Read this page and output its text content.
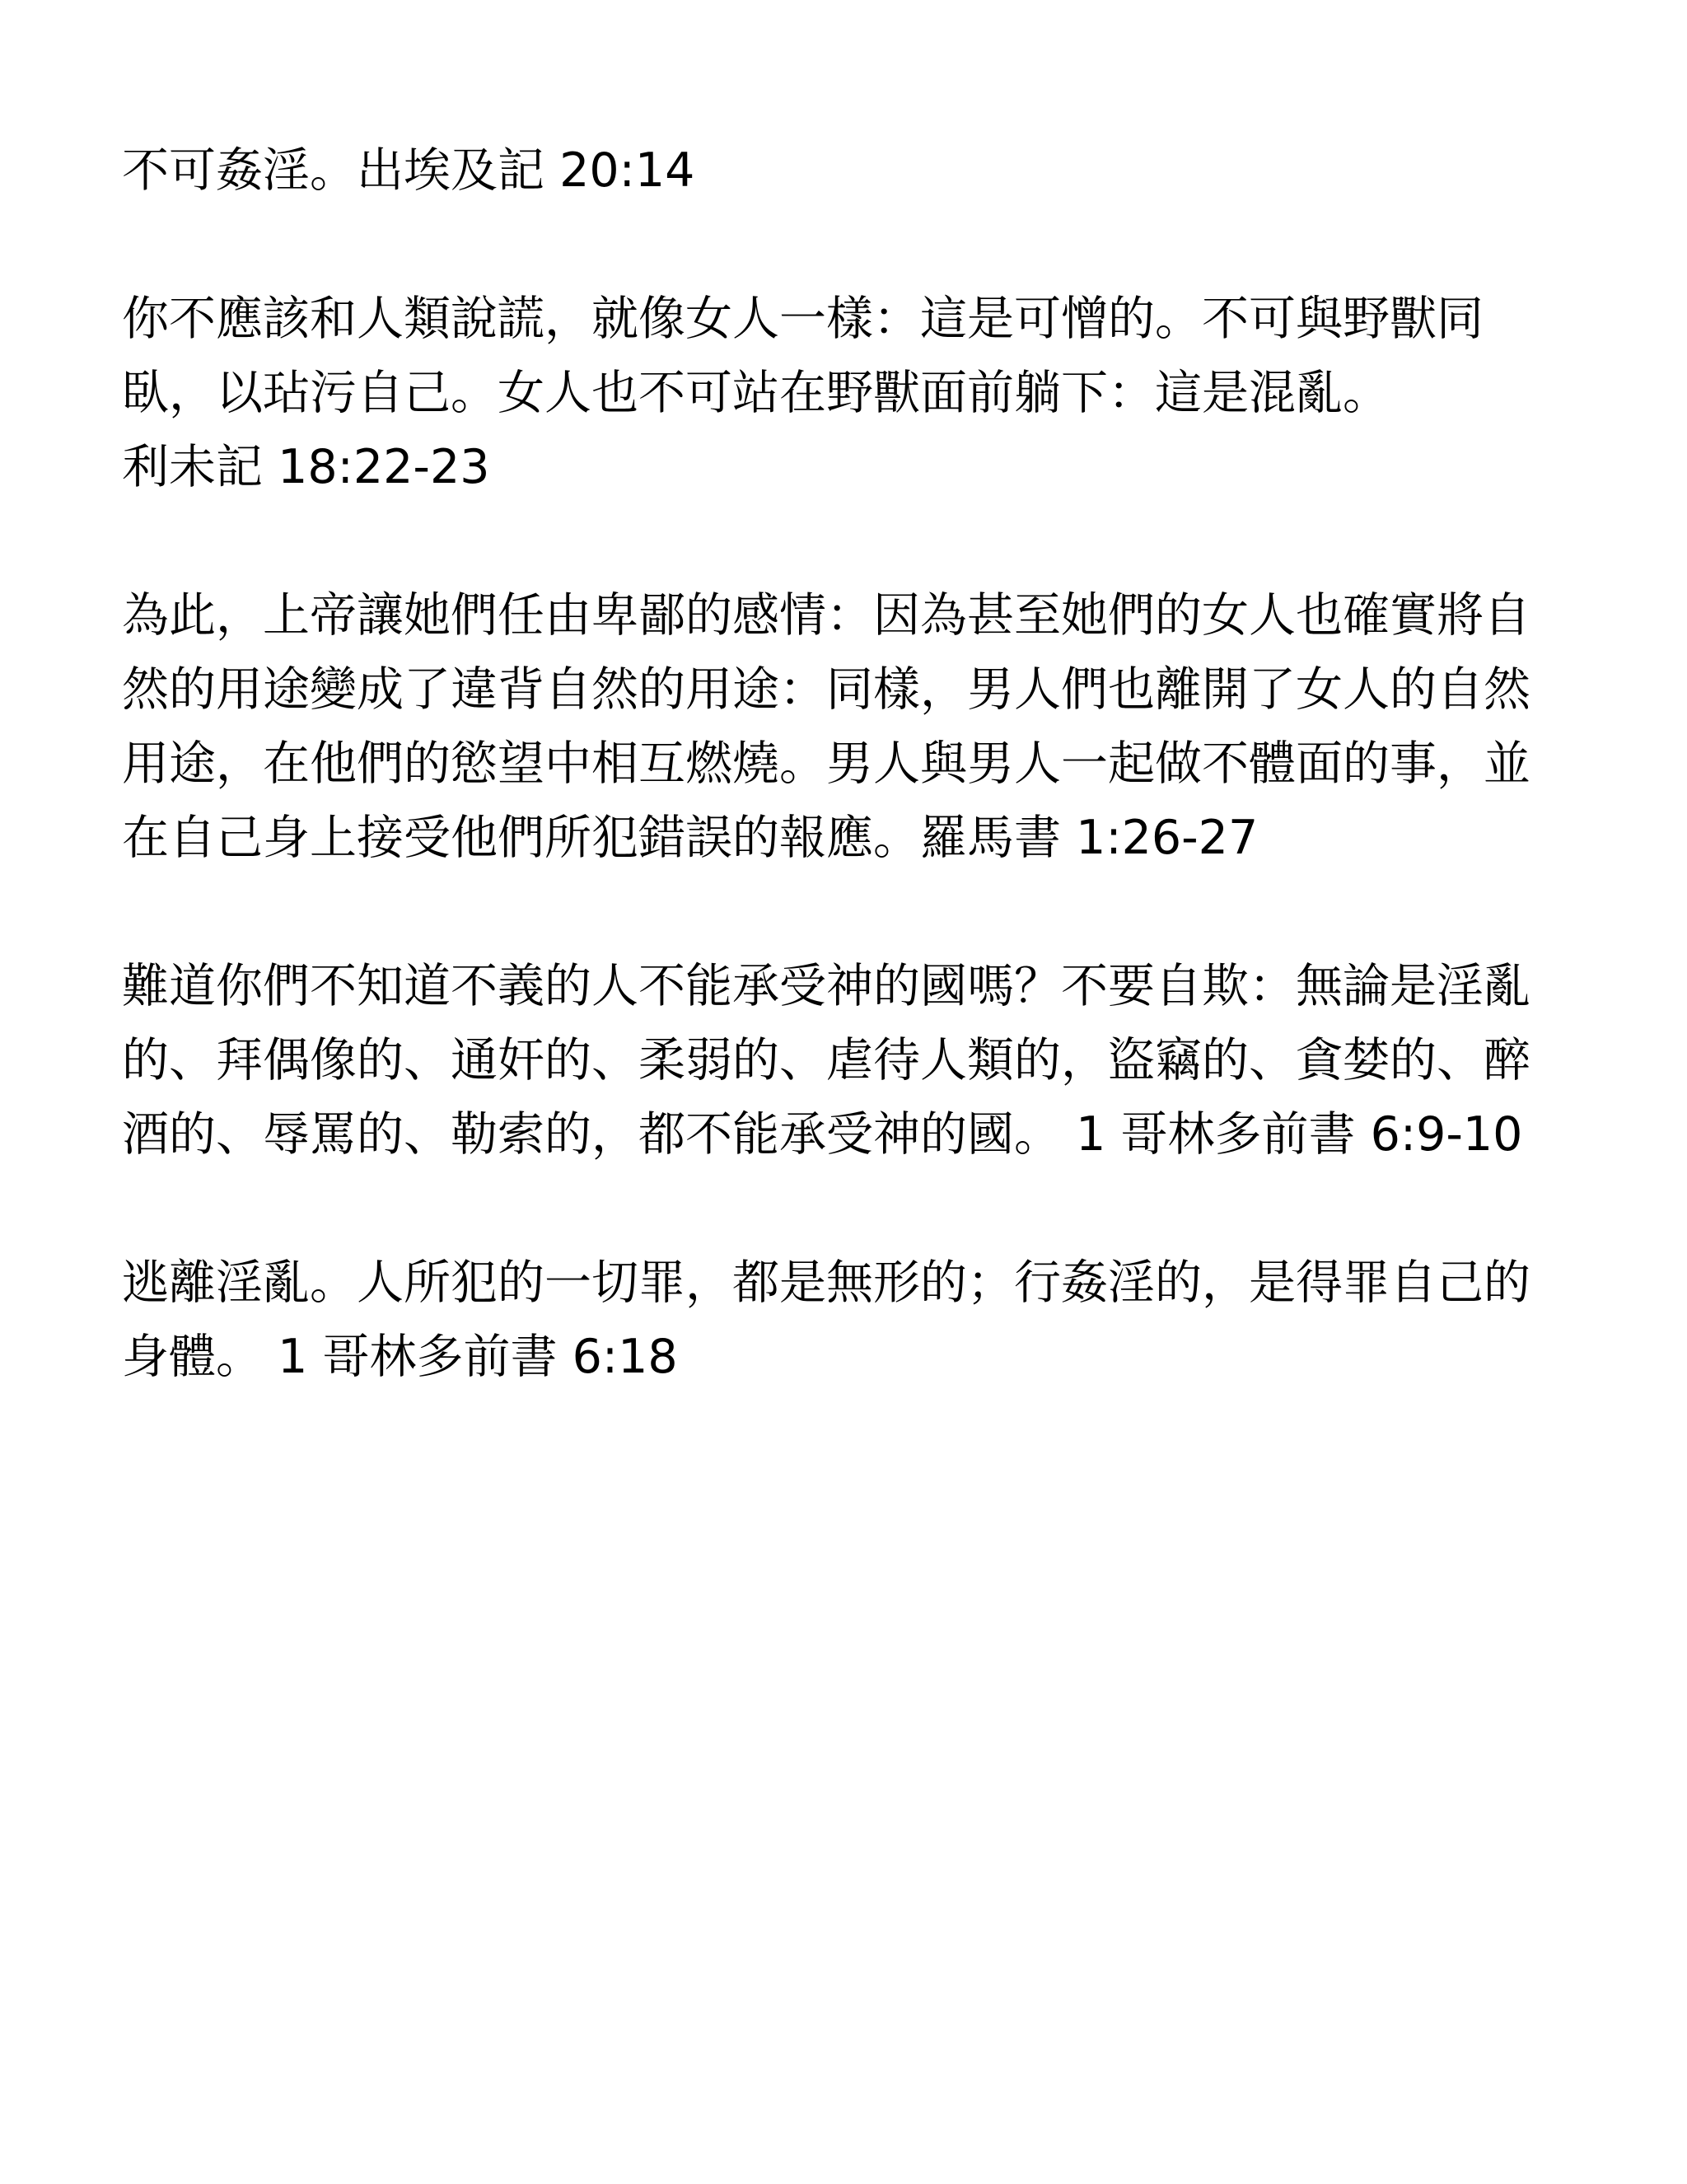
不可姦淫。出埃及記 20:14

你不應該和人類說謊，就像女人一樣：這是可憎的。不可與野獸同
臥，以玷污自己。女人也不可站在野獸面前躺下：這是混亂。
利未記 18:22-23

為此，上帝讓她們任由卑鄙的感情：因為甚至她們的女人也確實將自
然的用途變成了違背自然的用途：同樣，男人們也離開了女人的自然
用途，在他們的慾望中相互燃燒。男人與男人一起做不體面的事，並
在自己身上接受他們所犯錯誤的報應。羅馬書 1:26-27

難道你們不知道不義的人不能承受神的國嗎？不要自欺：無論是淫亂
的、拜偶像的、通奸的、柔弱的、虐待人類的，盜竊的、貪婪的、醉
酒的、辱罵的、勒索的，都不能承受神的國。 1 哥林多前書 6:9-10

逃離淫亂。人所犯的一切罪，都是無形的；行姦淫的，是得罪自己的
身體。 1 哥林多前書 6:18
